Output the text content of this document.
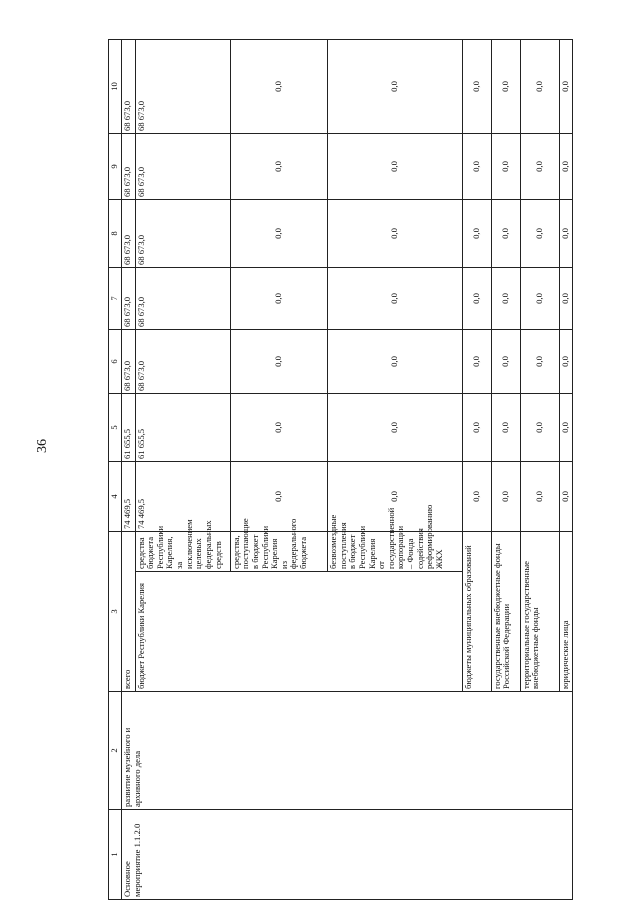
36
1	2	3		4	5	6	7	8	9	10
Основное мероприятие 1.1.2.0	развитие музейного и архивного дела	всего		74 469,5	61 655,5	68 673,0	68 673,0	68 673,0	68 673,0	68 673,0
		бюджет Республики Карелия	средства бюджета Республики Карелия, за исключением целевых федеральных средств	74 469,5	61 655,5	68 673,0	68 673,0	68 673,0	68 673,0	68 673,0
			средства, поступающие в бюджет Республики Карелия из федерального бюджета	0,0	0,0	0,0	0,0	0,0	0,0	0,0
			безвозмездные поступления в бюджет Республики Карелия от государственной корпорации – Фонда содействия реформированию ЖКХ	0,0	0,0	0,0	0,0	0,0	0,0	0,0
		бюджеты муниципальных образований		0,0	0,0	0,0	0,0	0,0	0,0	0,0
		государственные внебюджетные фонды Российской Федерации		0,0	0,0	0,0	0,0	0,0	0,0	0,0
		территориальные государственные внебюджетные фонды		0,0	0,0	0,0	0,0	0,0	0,0	0,0
		юридические лица		0,0	0,0	0,0	0,0	0,0	0,0	0,0
